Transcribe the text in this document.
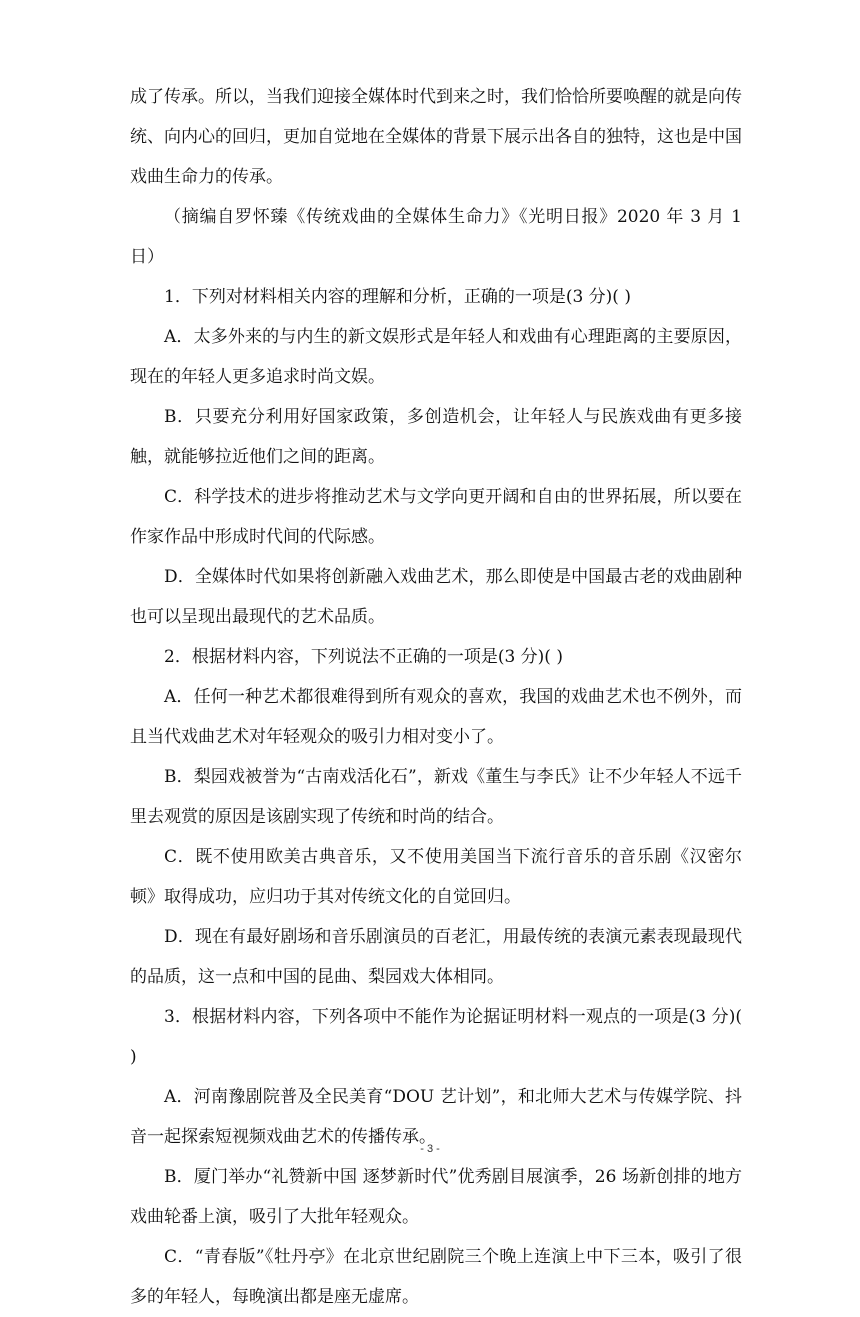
成了传承。所以，当我们迎接全媒体时代到来之时，我们恰恰所要唤醒的就是向传统、向内心的回归，更加自觉地在全媒体的背景下展示出各自的独特，这也是中国戏曲生命力的传承。
（摘编自罗怀臻《传统戏曲的全媒体生命力》《光明日报》2020 年 3 月 1 日）
1．下列对材料相关内容的理解和分析，正确的一项是(3 分)( )
A．太多外来的与内生的新文娱形式是年轻人和戏曲有心理距离的主要原因，现在的年轻人更多追求时尚文娱。
B．只要充分利用好国家政策，多创造机会，让年轻人与民族戏曲有更多接触，就能够拉近他们之间的距离。
C．科学技术的进步将推动艺术与文学向更开阔和自由的世界拓展，所以要在作家作品中形成时代间的代际感。
D．全媒体时代如果将创新融入戏曲艺术，那么即使是中国最古老的戏曲剧种也可以呈现出最现代的艺术品质。
2．根据材料内容，下列说法不正确的一项是(3 分)( )
A．任何一种艺术都很难得到所有观众的喜欢，我国的戏曲艺术也不例外，而且当代戏曲艺术对年轻观众的吸引力相对变小了。
B．梨园戏被誉为“古南戏活化石”，新戏《董生与李氏》让不少年轻人不远千里去观赏的原因是该剧实现了传统和时尚的结合。
C．既不使用欧美古典音乐，又不使用美国当下流行音乐的音乐剧《汉密尔顿》取得成功，应归功于其对传统文化的自觉回归。
D．现在有最好剧场和音乐剧演员的百老汇，用最传统的表演元素表现最现代的品质，这一点和中国的昆曲、梨园戏大体相同。
3．根据材料内容，下列各项中不能作为论据证明材料一观点的一项是(3 分)( )
A．河南豫剧院普及全民美育“DOU 艺计划”，和北师大艺术与传媒学院、抖音一起探索短视频戏曲艺术的传播传承。
B．厦门举办“礼赞新中国 逐梦新时代”优秀剧目展演季，26 场新创排的地方戏曲轮番上演，吸引了大批年轻观众。
C．“青春版”《牡丹亭》在北京世纪剧院三个晚上连演上中下三本，吸引了很多的年轻人，每晚演出都是座无虚席。
- 3 -
